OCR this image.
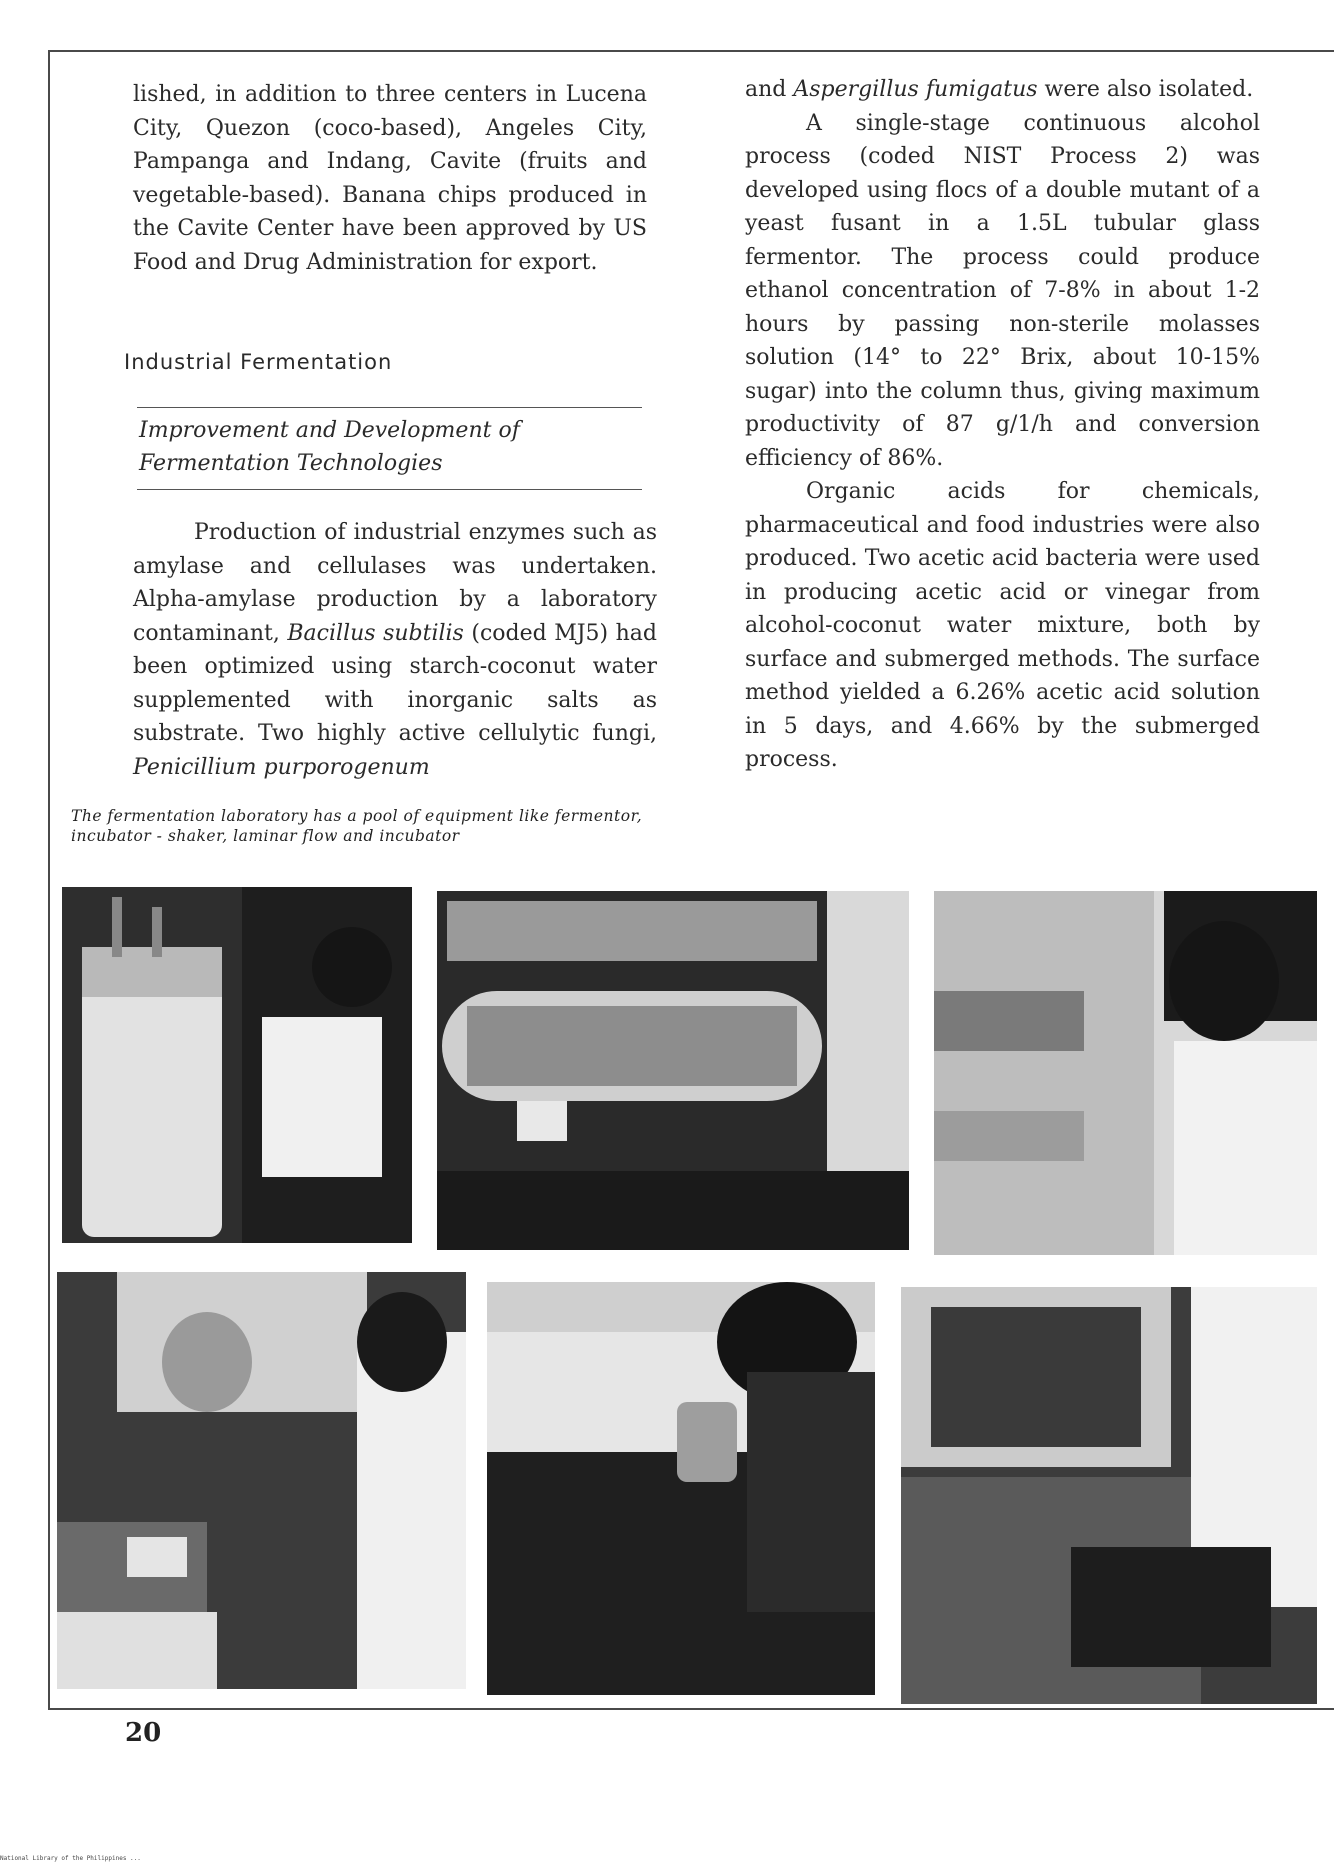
lished, in addition to three centers in Lucena City, Quezon (coco-based), Angeles City, Pampanga and Indang, Cavite (fruits and vegetable-based). Banana chips produced in the Cavite Center have been approved by US Food and Drug Administration for export.

Industrial Fermentation
Improvement and Development of Fermentation Technologies

Production of industrial enzymes such as amylase and cellulases was undertaken. Alpha-amylase production by a laboratory contaminant, Bacillus subtilis (coded MJ5) had been optimized using starch-coconut water supplemented with inorganic salts as substrate. Two highly active cellulytic fungi, Penicillium purporogenum

and Aspergillus fumigatus were also isolated.

A single-stage continuous alcohol process (coded NIST Process 2) was developed using flocs of a double mutant of a yeast fusant in a 1.5L tubular glass fermentor. The process could produce ethanol concentration of 7-8% in about 1-2 hours by passing non-sterile molasses solution (14° to 22° Brix, about 10-15% sugar) into the column thus, giving maximum productivity of 87 g/1/h and conversion efficiency of 86%.

Organic acids for chemicals, pharmaceutical and food industries were also produced. Two acetic acid bacteria were used in producing acetic acid or vinegar from alcohol-coconut water mixture, both by surface and submerged methods. The surface method yielded a 6.26% acetic acid solution in 5 days, and 4.66% by the submerged process.

The fermentation laboratory has a pool of equipment like fermentor, incubator - shaker, laminar flow and incubator
20
National Library of the Philippines ...
